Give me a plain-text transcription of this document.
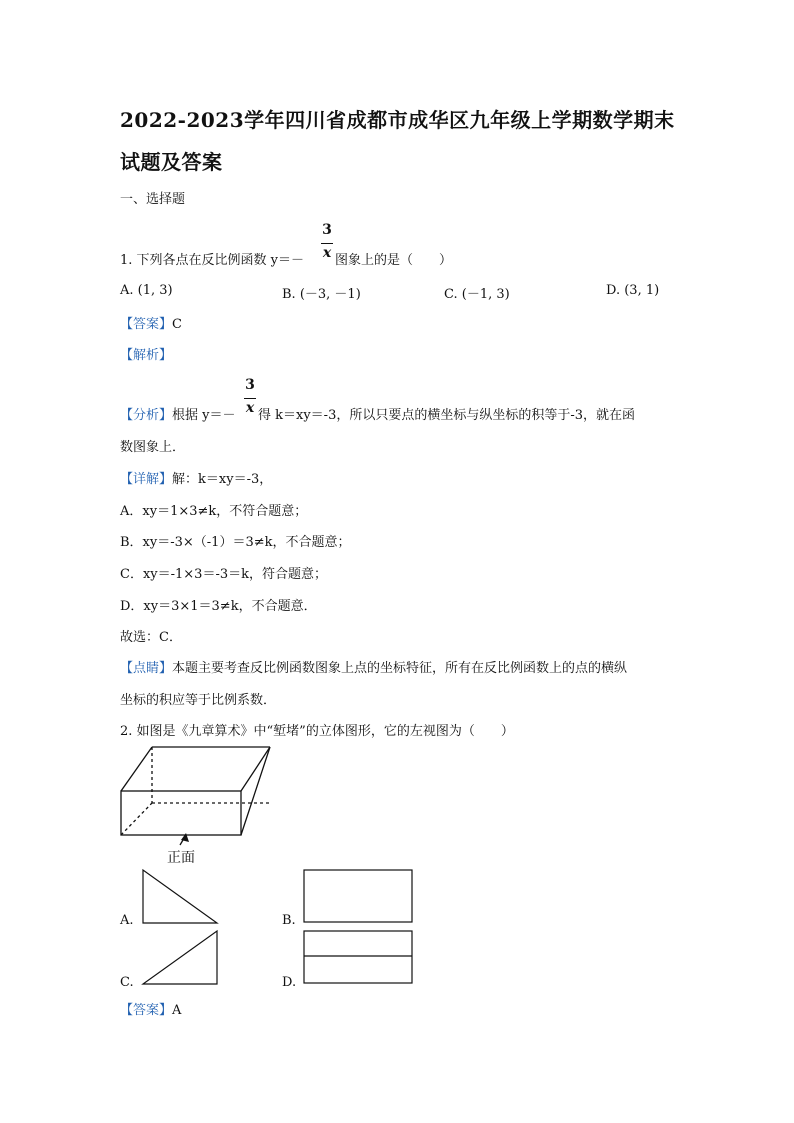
2022-2023学年四川省成都市成华区九年级上学期数学期末
试题及答案
一、选择题
3
x
1. 下列各点在反比例函数 y＝－ 图象上的是（　　）
A. (1, 3)	B. (－3, －1)	C. (－1, 3)	D. (3, 1)
【答案】C
【解析】
3
x
【分析】根据 y＝－ 得 k＝xy＝-3，所以只要点的横坐标与纵坐标的积等于-3，就在函
数图象上．
【详解】解：k＝xy＝-3，
A．xy＝1×3≠k，不符合题意；
B．xy＝-3×（-1）＝3≠k，不合题意；
C．xy＝-1×3＝-3＝k，符合题意；
D．xy＝3×1＝3≠k，不合题意．
故选：C．
【点睛】本题主要考查反比例函数图象上点的坐标特征，所有在反比例函数上的点的横纵
坐标的积应等于比例系数．
2. 如图是《九章算术》中“堑堵”的立体图形，它的左视图为（　　）
正面
A.	B.
C.	D.
【答案】A
